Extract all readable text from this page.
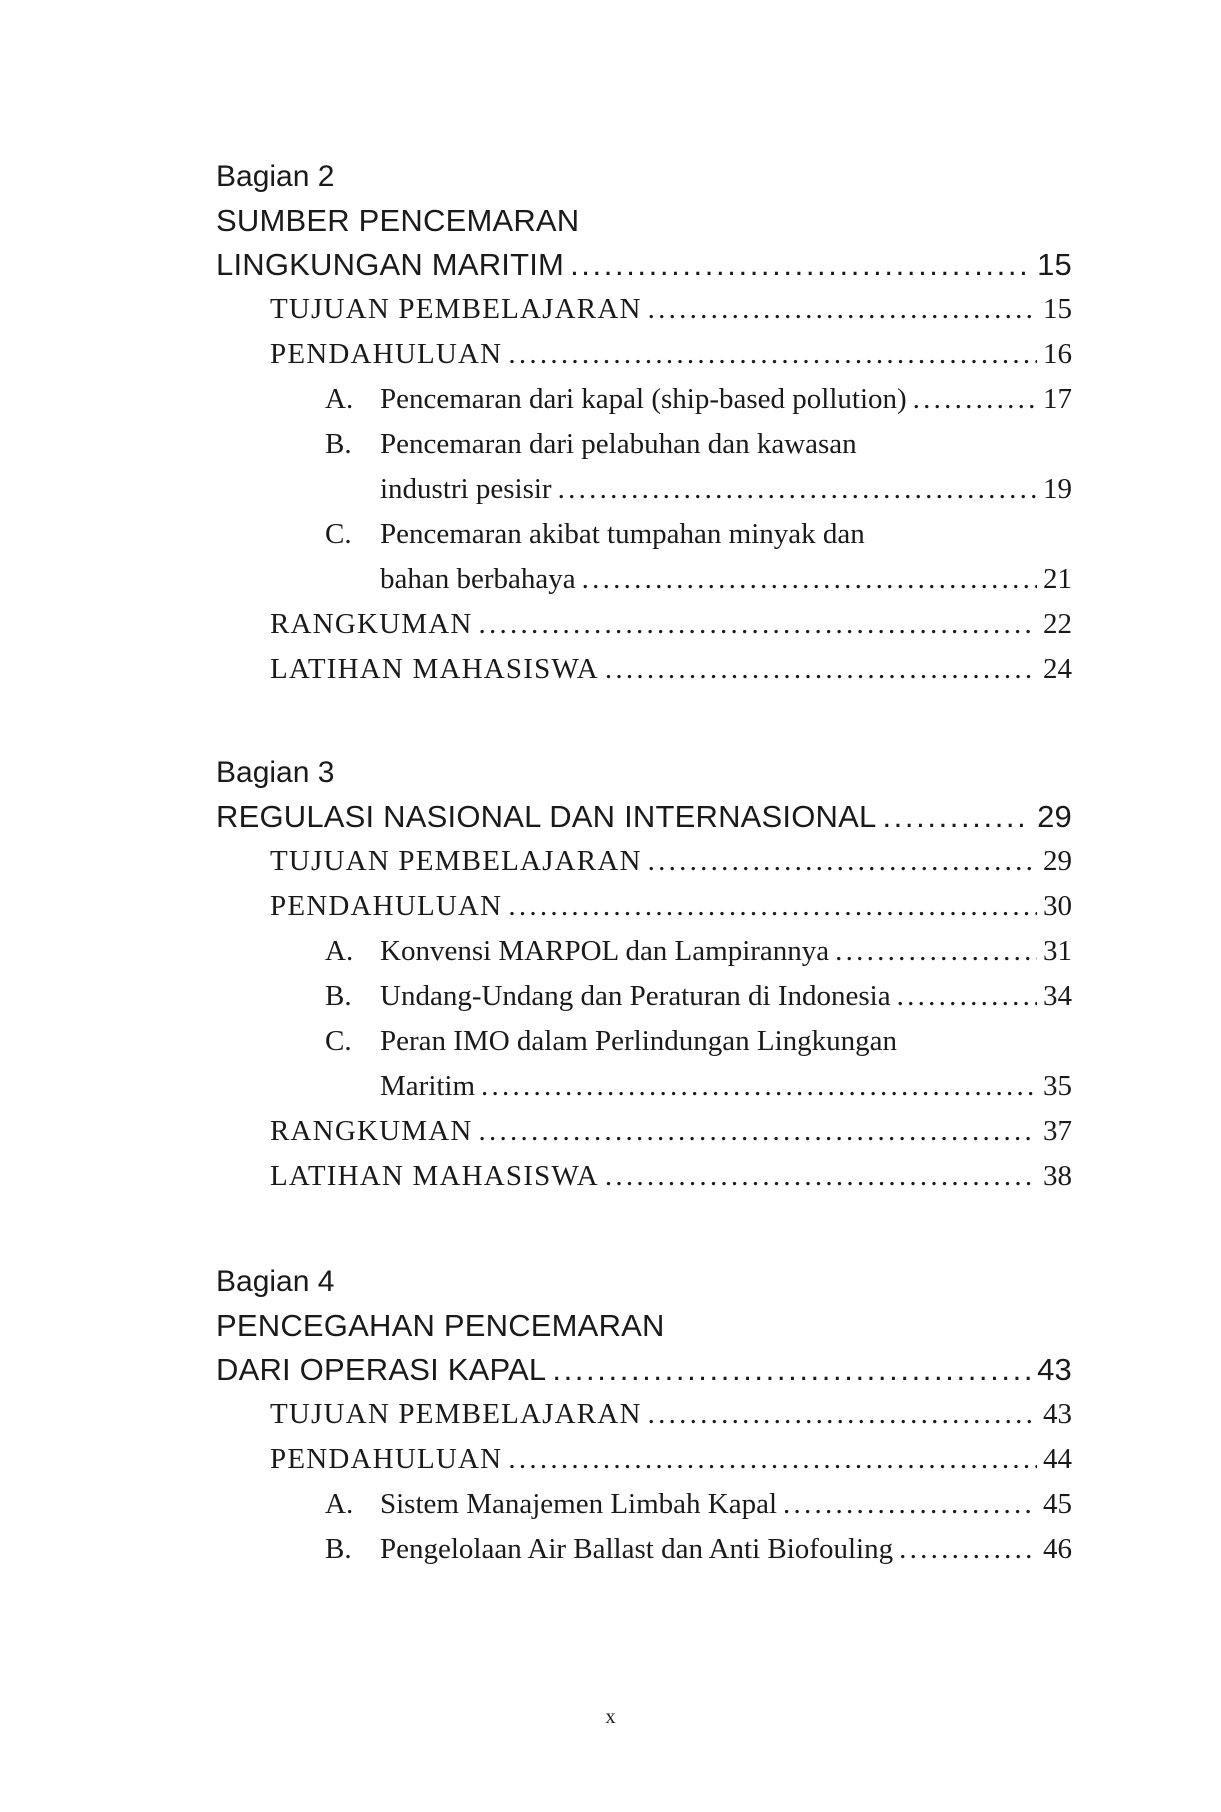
Bagian 2
SUMBER PENCEMARAN
LINGKUNGAN MARITIM . . .	15
TUJUAN PEMBELAJARAN . . .	15
PENDAHULUAN . . .	16
A. Pencemaran dari kapal (ship-based pollution) . . .	17
B. Pencemaran dari pelabuhan dan kawasan
industri pesisir . . .	19
C. Pencemaran akibat tumpahan minyak dan
bahan berbahaya . . .	21
RANGKUMAN . . .	22
LATIHAN MAHASISWA . . .	24
Bagian 3
REGULASI NASIONAL DAN INTERNASIONAL . . .	29
TUJUAN PEMBELAJARAN . . .	29
PENDAHULUAN . . .	30
A. Konvensi MARPOL dan Lampirannya . . .	31
B. Undang-Undang dan Peraturan di Indonesia . . .	34
C. Peran IMO dalam Perlindungan Lingkungan
Maritim . . .	35
RANGKUMAN . . .	37
LATIHAN MAHASISWA . . .	38
Bagian 4
PENCEGAHAN PENCEMARAN
DARI OPERASI KAPAL . . .	43
TUJUAN PEMBELAJARAN . . .	43
PENDAHULUAN . . .	44
A. Sistem Manajemen Limbah Kapal . . .	45
B. Pengelolaan Air Ballast dan Anti Biofouling . . .	46
x
